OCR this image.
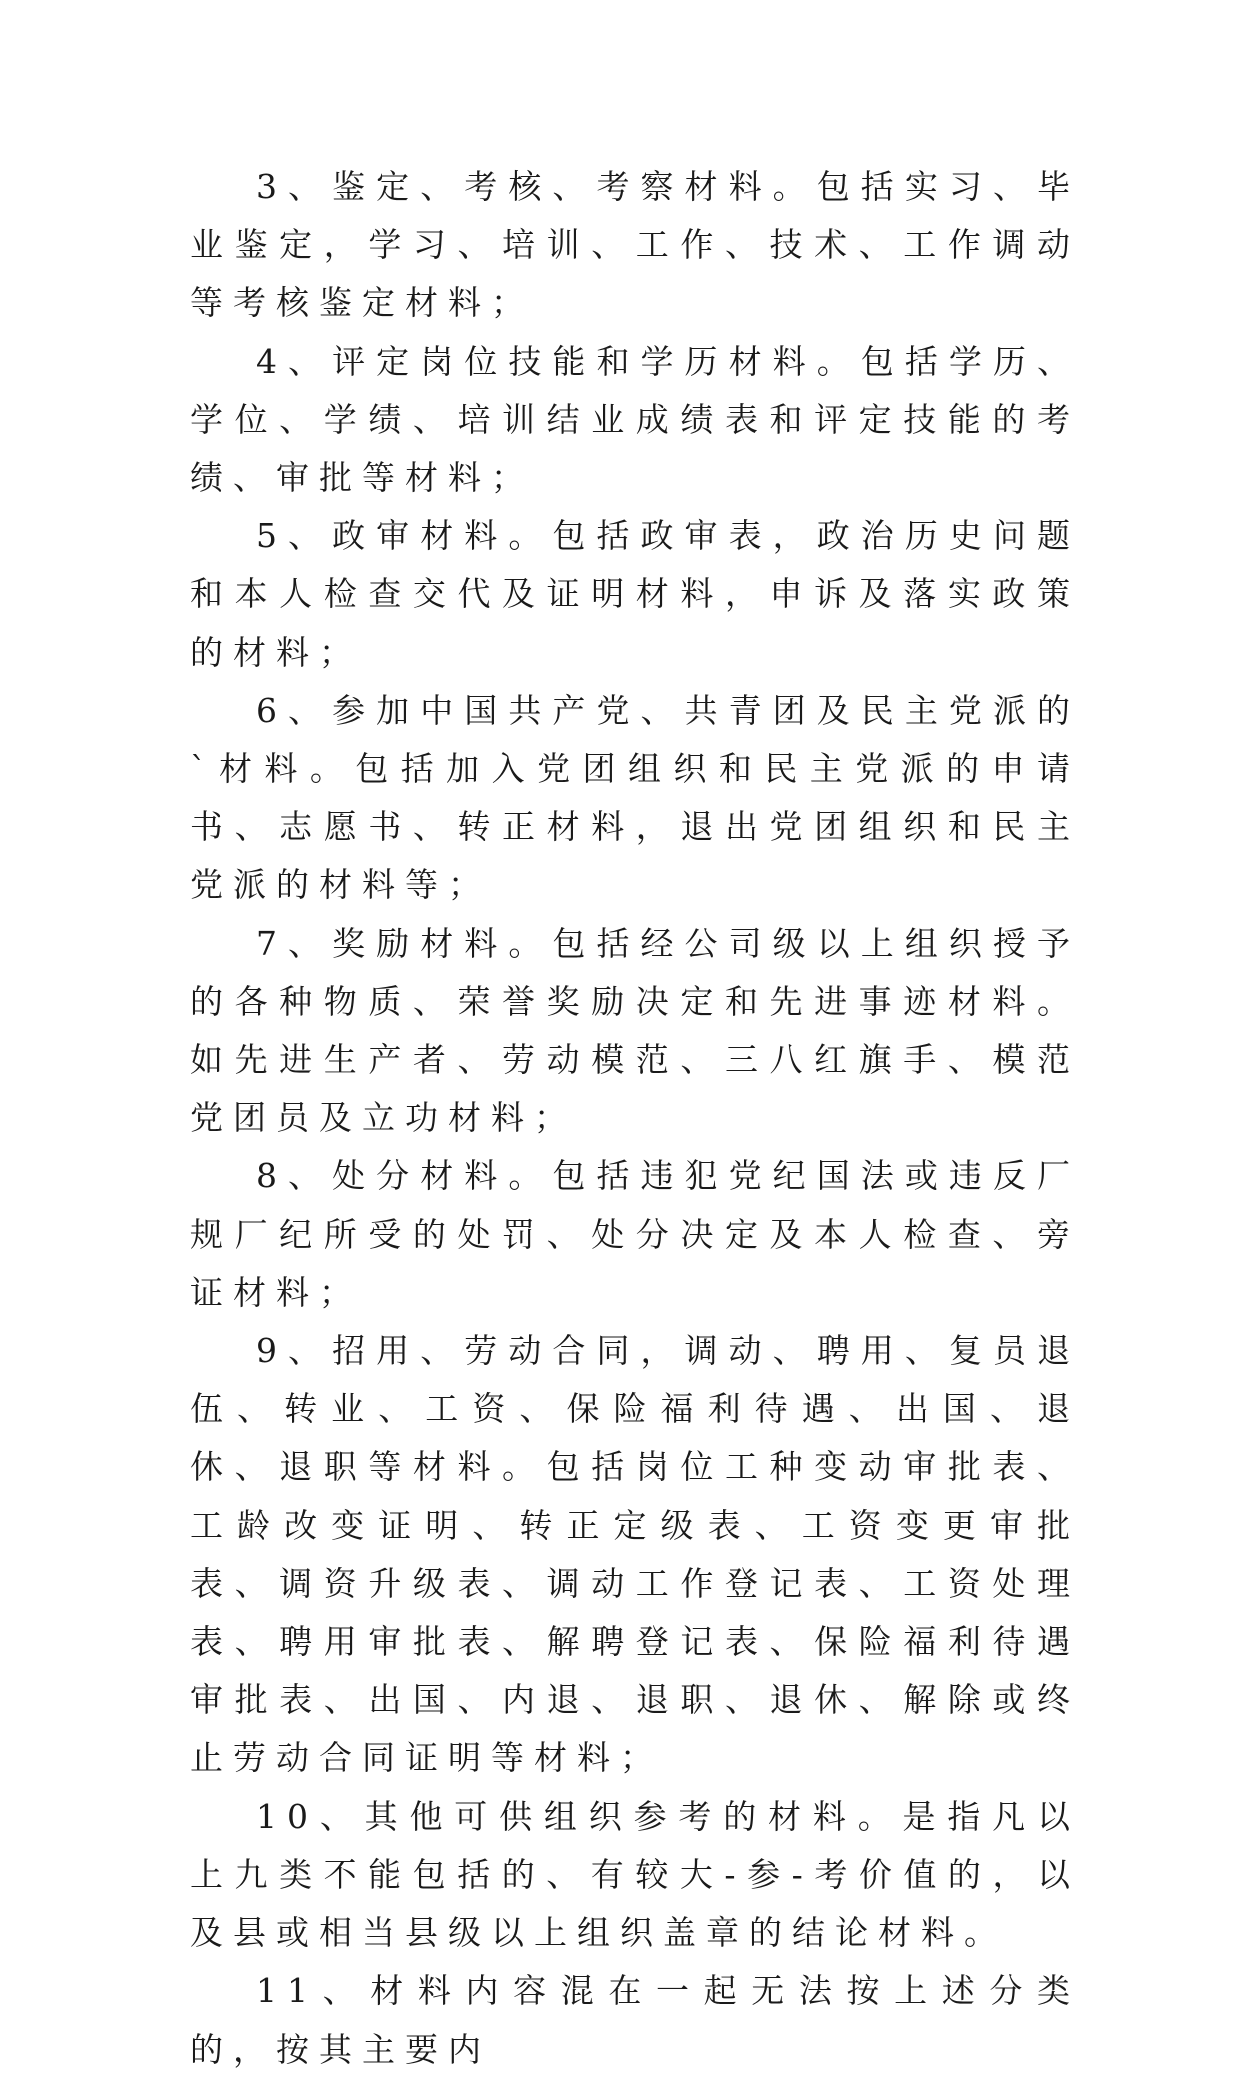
3、鉴定、考核、考察材料。包括实习、毕业鉴定，学习、培训、工作、技术、工作调动等考核鉴定材料；

4、评定岗位技能和学历材料。包括学历、学位、学绩、培训结业成绩表和评定技能的考绩、审批等材料；

5、政审材料。包括政审表，政治历史问题和本人检查交代及证明材料，申诉及落实政策的材料；

6、参加中国共产党、共青团及民主党派的`材料。包括加入党团组织和民主党派的申请书、志愿书、转正材料，退出党团组织和民主党派的材料等；

7、奖励材料。包括经公司级以上组织授予的各种物质、荣誉奖励决定和先进事迹材料。如先进生产者、劳动模范、三八红旗手、模范党团员及立功材料；

8、处分材料。包括违犯党纪国法或违反厂规厂纪所受的处罚、处分决定及本人检查、旁证材料；

9、招用、劳动合同，调动、聘用、复员退伍、转业、工资、保险福利待遇、出国、退休、退职等材料。包括岗位工种变动审批表、工龄改变证明、转正定级表、工资变更审批表、调资升级表、调动工作登记表、工资处理表、聘用审批表、解聘登记表、保险福利待遇审批表、出国、内退、退职、退休、解除或终止劳动合同证明等材料；

10、其他可供组织参考的材料。是指凡以上九类不能包括的、有较大-参-考价值的，以及县或相当县级以上组织盖章的结论材料。

11、材料内容混在一起无法按上述分类的，按其主要内
